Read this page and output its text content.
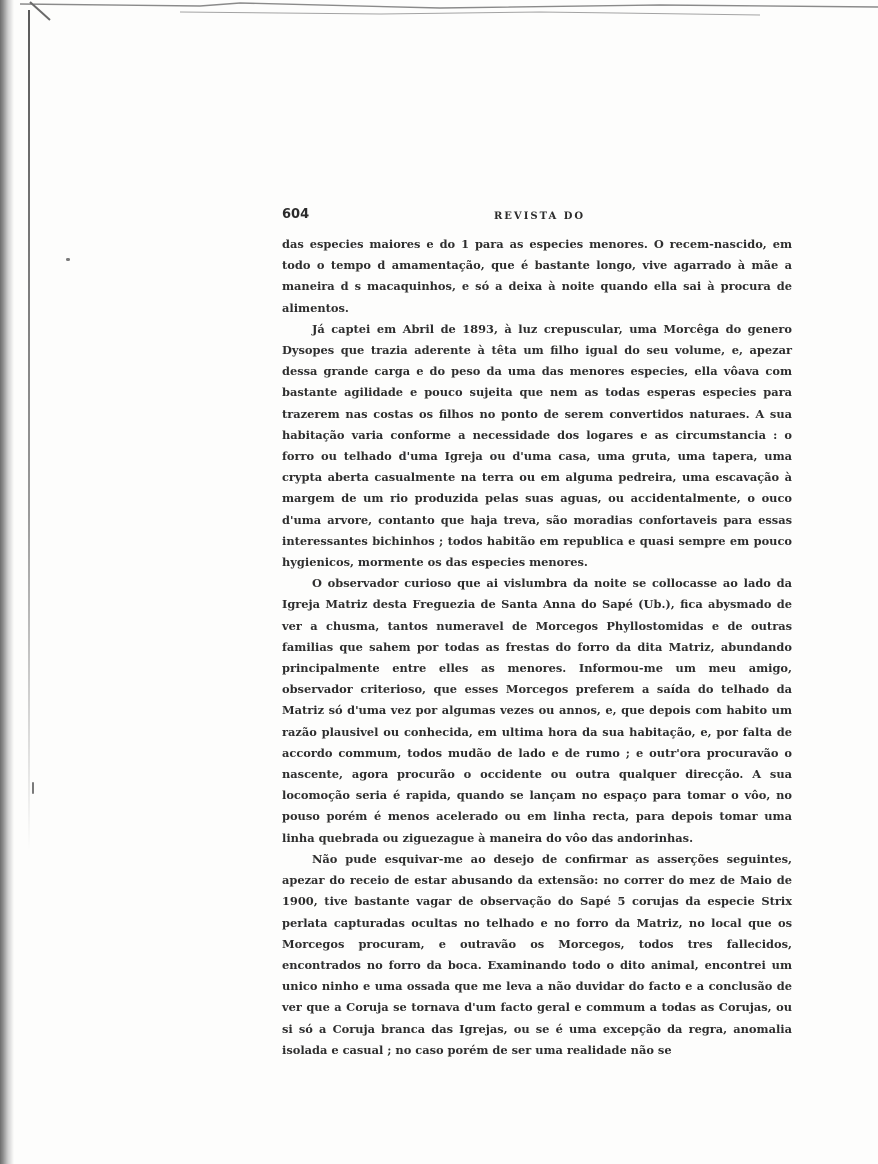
604	REVISTA DO

das especies maiores e do 1 para as especies menores. O recem-nascido, em todo o tempo d amamentação, que é bastante longo, vive agarrado à mãe a maneira d s macaquinhos, e só a deixa à noite quando ella sai à procura de alimentos.

Já captei em Abril de 1893, à luz crepuscular, uma Morcêga do genero Dysopes que trazia aderente à têta um filho igual do seu volume, e, apezar dessa grande carga e do peso da uma das menores especies, ella vôava com bastante agilidade e pouco sujeita que nem as todas esperas especies para trazerem nas costas os filhos no ponto de serem convertidos naturaes. A sua habitação varia conforme a necessidade dos logares e as circumstancia : o forro ou telhado d'uma Igreja ou d'uma casa, uma gruta, uma tapera, uma crypta aberta casualmente na terra ou em alguma pedreira, uma escavação à margem de um rio produzida pelas suas aguas, ou accidentalmente, o ouco d'uma arvore, contanto que haja treva, são moradias confortaveis para essas interessantes bichinhos ; todos habitão em republica e quasi sempre em pouco hygienicos, mormente os das especies menores.

O observador curioso que ai vislumbra da noite se collocasse ao lado da Igreja Matriz desta Freguezia de Santa Anna do Sapé (Ub.), fica abysmado de ver a chusma, tantos numeravel de Morcegos Phyllostomidas e de outras familias que sahem por todas as frestas do forro da dita Matriz, abundando principalmente entre elles as menores. Informou-me um meu amigo, observador criterioso, que esses Morcegos preferem a saída do telhado da Matriz só d'uma vez por algumas vezes ou annos, e, que depois com habito um razão plausivel ou conhecida, em ultima hora da sua habitação, e, por falta de accordo commum, todos mudão de lado e de rumo ; e outr'ora procuravão o nascente, agora procurão o occidente ou outra qualquer direcção. A sua locomoção seria é rapida, quando se lançam no espaço para tomar o vôo, no pouso porém é menos acelerado ou em linha recta, para depois tomar uma linha quebrada ou ziguezague à maneira do vôo das andorinhas.

Não pude esquivar-me ao desejo de confirmar as asserções seguintes, apezar do receio de estar abusando da extensão: no correr do mez de Maio de 1900, tive bastante vagar de observação do Sapé 5 corujas da especie Strix perlata capturadas ocultas no telhado e no forro da Matriz, no local que os Morcegos procuram, e outravão os Morcegos, todos tres fallecidos, encontrados no forro da boca. Examinando todo o dito animal, encontrei um unico ninho e uma ossada que me leva a não duvidar do facto e a conclusão de ver que a Coruja se tornava d'um facto geral e commum a todas as Corujas, ou si só a Coruja branca das Igrejas, ou se é uma excepção da regra, anomalia isolada e casual ; no caso porém de ser uma realidade não se
